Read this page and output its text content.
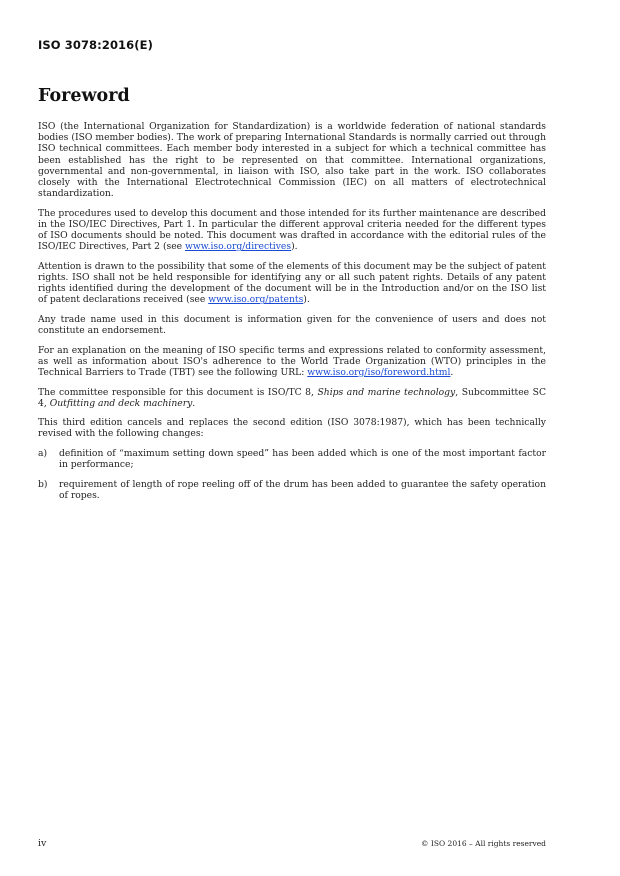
ISO 3078:2016(E)
Foreword

ISO (the International Organization for Standardization) is a worldwide federation of national standards bodies (ISO member bodies). The work of preparing International Standards is normally carried out through ISO technical committees. Each member body interested in a subject for which a technical committee has been established has the right to be represented on that committee. International organizations, governmental and non-governmental, in liaison with ISO, also take part in the work. ISO collaborates closely with the International Electrotechnical Commission (IEC) on all matters of electrotechnical standardization.

The procedures used to develop this document and those intended for its further maintenance are described in the ISO/IEC Directives, Part 1. In particular the different approval criteria needed for the different types of ISO documents should be noted. This document was drafted in accordance with the editorial rules of the ISO/IEC Directives, Part 2 (see www.iso.org/directives).

Attention is drawn to the possibility that some of the elements of this document may be the subject of patent rights. ISO shall not be held responsible for identifying any or all such patent rights. Details of any patent rights identified during the development of the document will be in the Introduction and/or on the ISO list of patent declarations received (see www.iso.org/patents).

Any trade name used in this document is information given for the convenience of users and does not constitute an endorsement.

For an explanation on the meaning of ISO specific terms and expressions related to conformity assessment, as well as information about ISO's adherence to the World Trade Organization (WTO) principles in the Technical Barriers to Trade (TBT) see the following URL: www.iso.org/iso/foreword.html.

The committee responsible for this document is ISO/TC 8, Ships and marine technology, Subcommittee SC 4, Outfitting and deck machinery.

This third edition cancels and replaces the second edition (ISO 3078:1987), which has been technically revised with the following changes:

a)	definition of “maximum setting down speed” has been added which is one of the most important factor in performance;
b)	requirement of length of rope reeling off of the drum has been added to guarantee the safety operation of ropes.
iv	© ISO 2016 – All rights reserved
